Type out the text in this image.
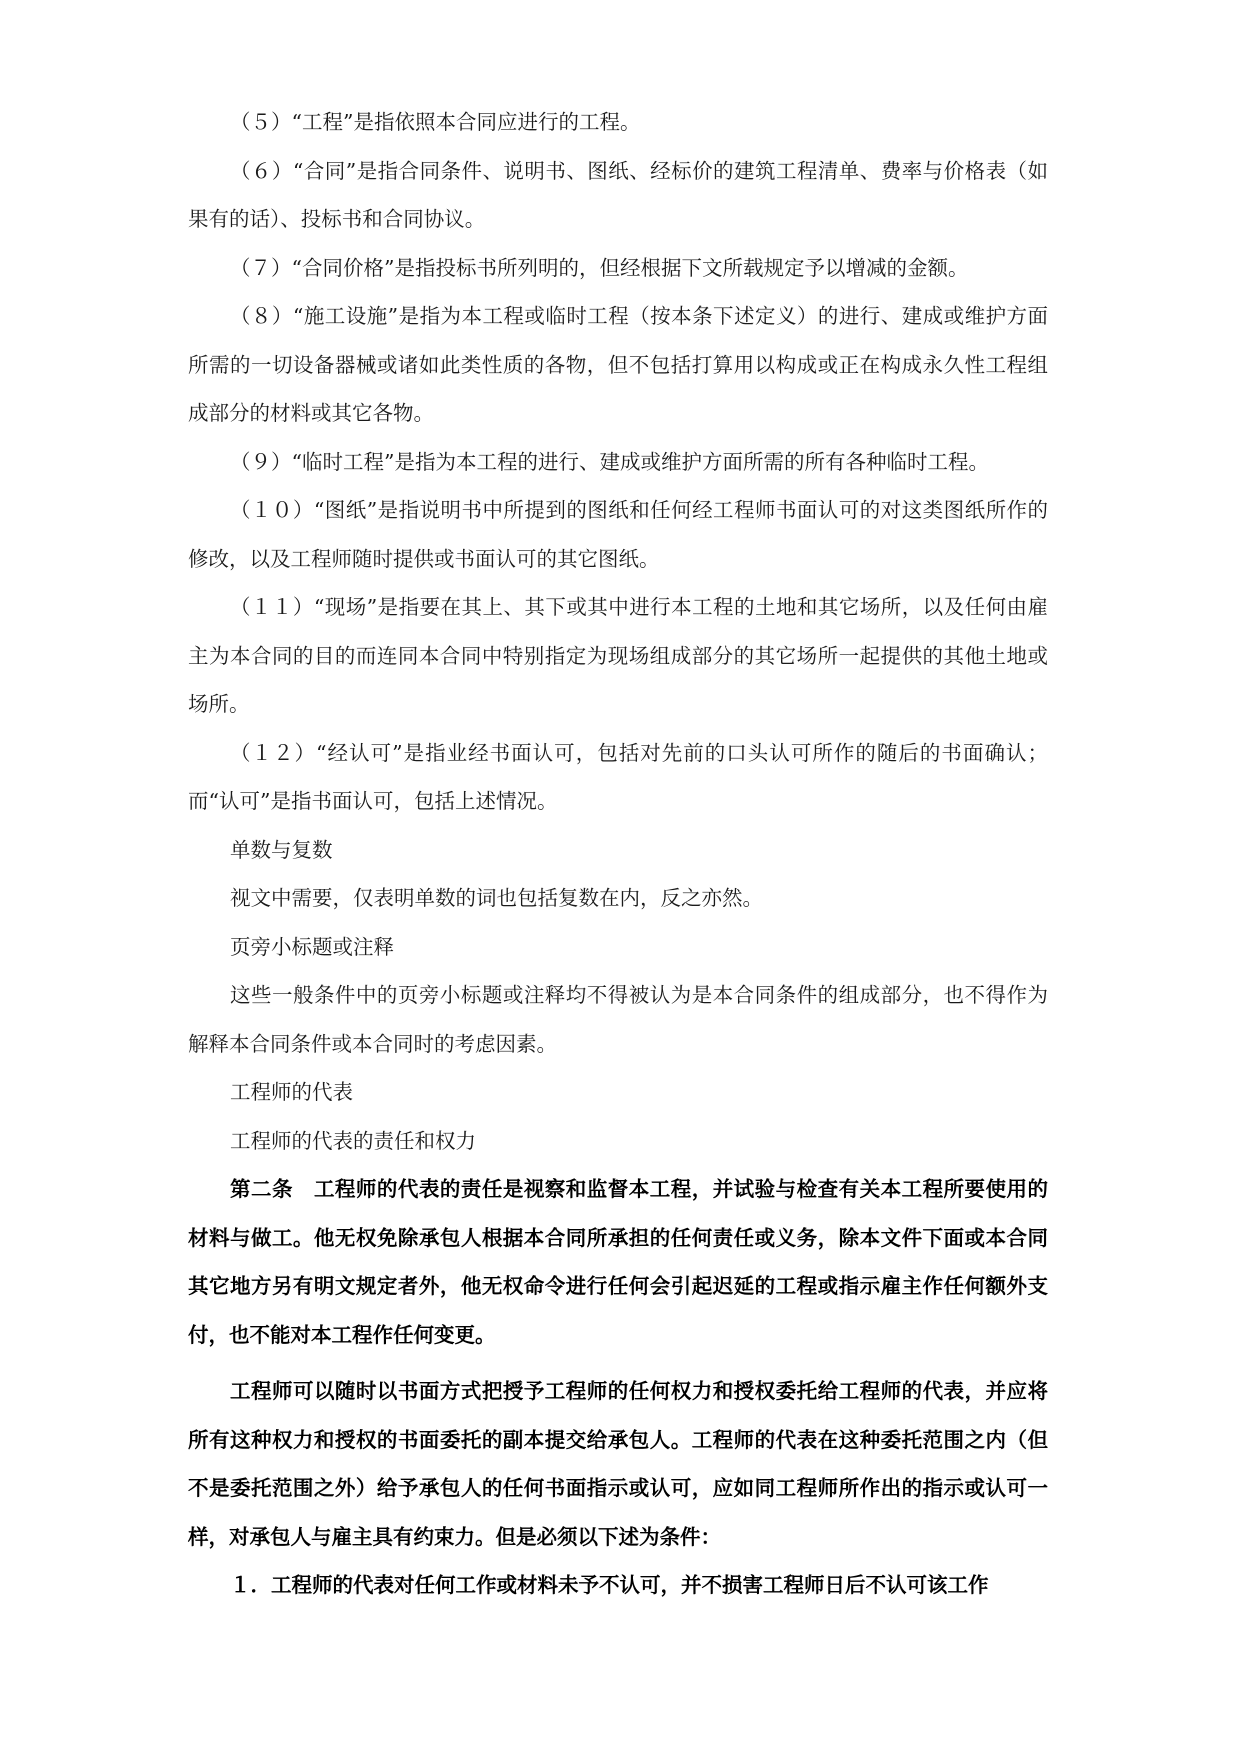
（５）“工程”是指依照本合同应进行的工程。

（６）“合同”是指合同条件、说明书、图纸、经标价的建筑工程清单、费率与价格表（如果有的话）、投标书和合同协议。

（７）“合同价格”是指投标书所列明的，但经根据下文所载规定予以增减的金额。

（８）“施工设施”是指为本工程或临时工程（按本条下述定义）的进行、建成或维护方面所需的一切设备器械或诸如此类性质的各物，但不包括打算用以构成或正在构成永久性工程组成部分的材料或其它各物。

（９）“临时工程”是指为本工程的进行、建成或维护方面所需的所有各种临时工程。

（１０）“图纸”是指说明书中所提到的图纸和任何经工程师书面认可的对这类图纸所作的修改，以及工程师随时提供或书面认可的其它图纸。

（１１）“现场”是指要在其上、其下或其中进行本工程的土地和其它场所，以及任何由雇主为本合同的目的而连同本合同中特别指定为现场组成部分的其它场所一起提供的其他土地或场所。

（１２）“经认可”是指业经书面认可，包括对先前的口头认可所作的随后的书面确认；而“认可”是指书面认可，包括上述情况。

单数与复数

视文中需要，仅表明单数的词也包括复数在内，反之亦然。

页旁小标题或注释

这些一般条件中的页旁小标题或注释均不得被认为是本合同条件的组成部分，也不得作为解释本合同条件或本合同时的考虑因素。

工程师的代表

工程师的代表的责任和权力

第二条　工程师的代表的责任是视察和监督本工程，并试验与检查有关本工程所要使用的材料与做工。他无权免除承包人根据本合同所承担的任何责任或义务，除本文件下面或本合同其它地方另有明文规定者外，他无权命令进行任何会引起迟延的工程或指示雇主作任何额外支付，也不能对本工程作任何变更。

工程师可以随时以书面方式把授予工程师的任何权力和授权委托给工程师的代表，并应将所有这种权力和授权的书面委托的副本提交给承包人。工程师的代表在这种委托范围之内（但不是委托范围之外）给予承包人的任何书面指示或认可，应如同工程师所作出的指示或认可一样，对承包人与雇主具有约束力。但是必须以下述为条件：

１．工程师的代表对任何工作或材料未予不认可，并不损害工程师日后不认可该工作
